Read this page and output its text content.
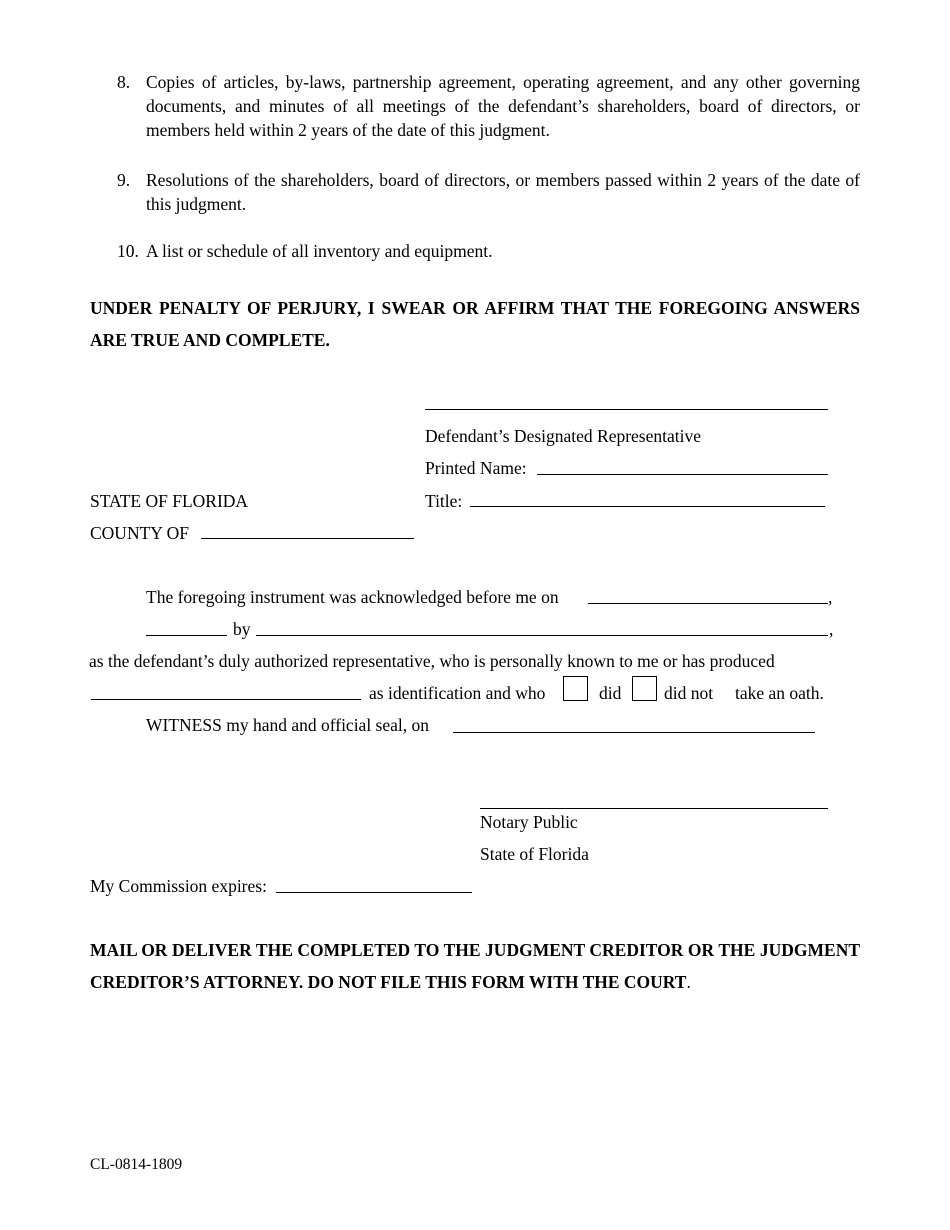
8. Copies of articles, by-laws, partnership agreement, operating agreement, and any other governing documents, and minutes of all meetings of the defendant’s shareholders, board of directors, or members held within 2 years of the date of this judgment.
9. Resolutions of the shareholders, board of directors, or members passed within 2 years of the date of this judgment.
10. A list or schedule of all inventory and equipment.
UNDER PENALTY OF PERJURY, I SWEAR OR AFFIRM THAT THE FOREGOING ANSWERS ARE TRUE AND COMPLETE.
Defendant’s Designated Representative
Printed Name:
Title:
STATE OF FLORIDA
COUNTY OF
The foregoing instrument was acknowledged before me on	,
by	,
as the defendant’s duly authorized representative, who is personally known to me or has produced
as identification and who	did did not take an oath.
WITNESS my hand and official seal, on
Notary Public
State of Florida
My Commission expires:
MAIL OR DELIVER THE COMPLETED TO THE JUDGMENT CREDITOR OR THE JUDGMENT CREDITOR’S ATTORNEY. DO NOT FILE THIS FORM WITH THE COURT.
CL-0814-1809
